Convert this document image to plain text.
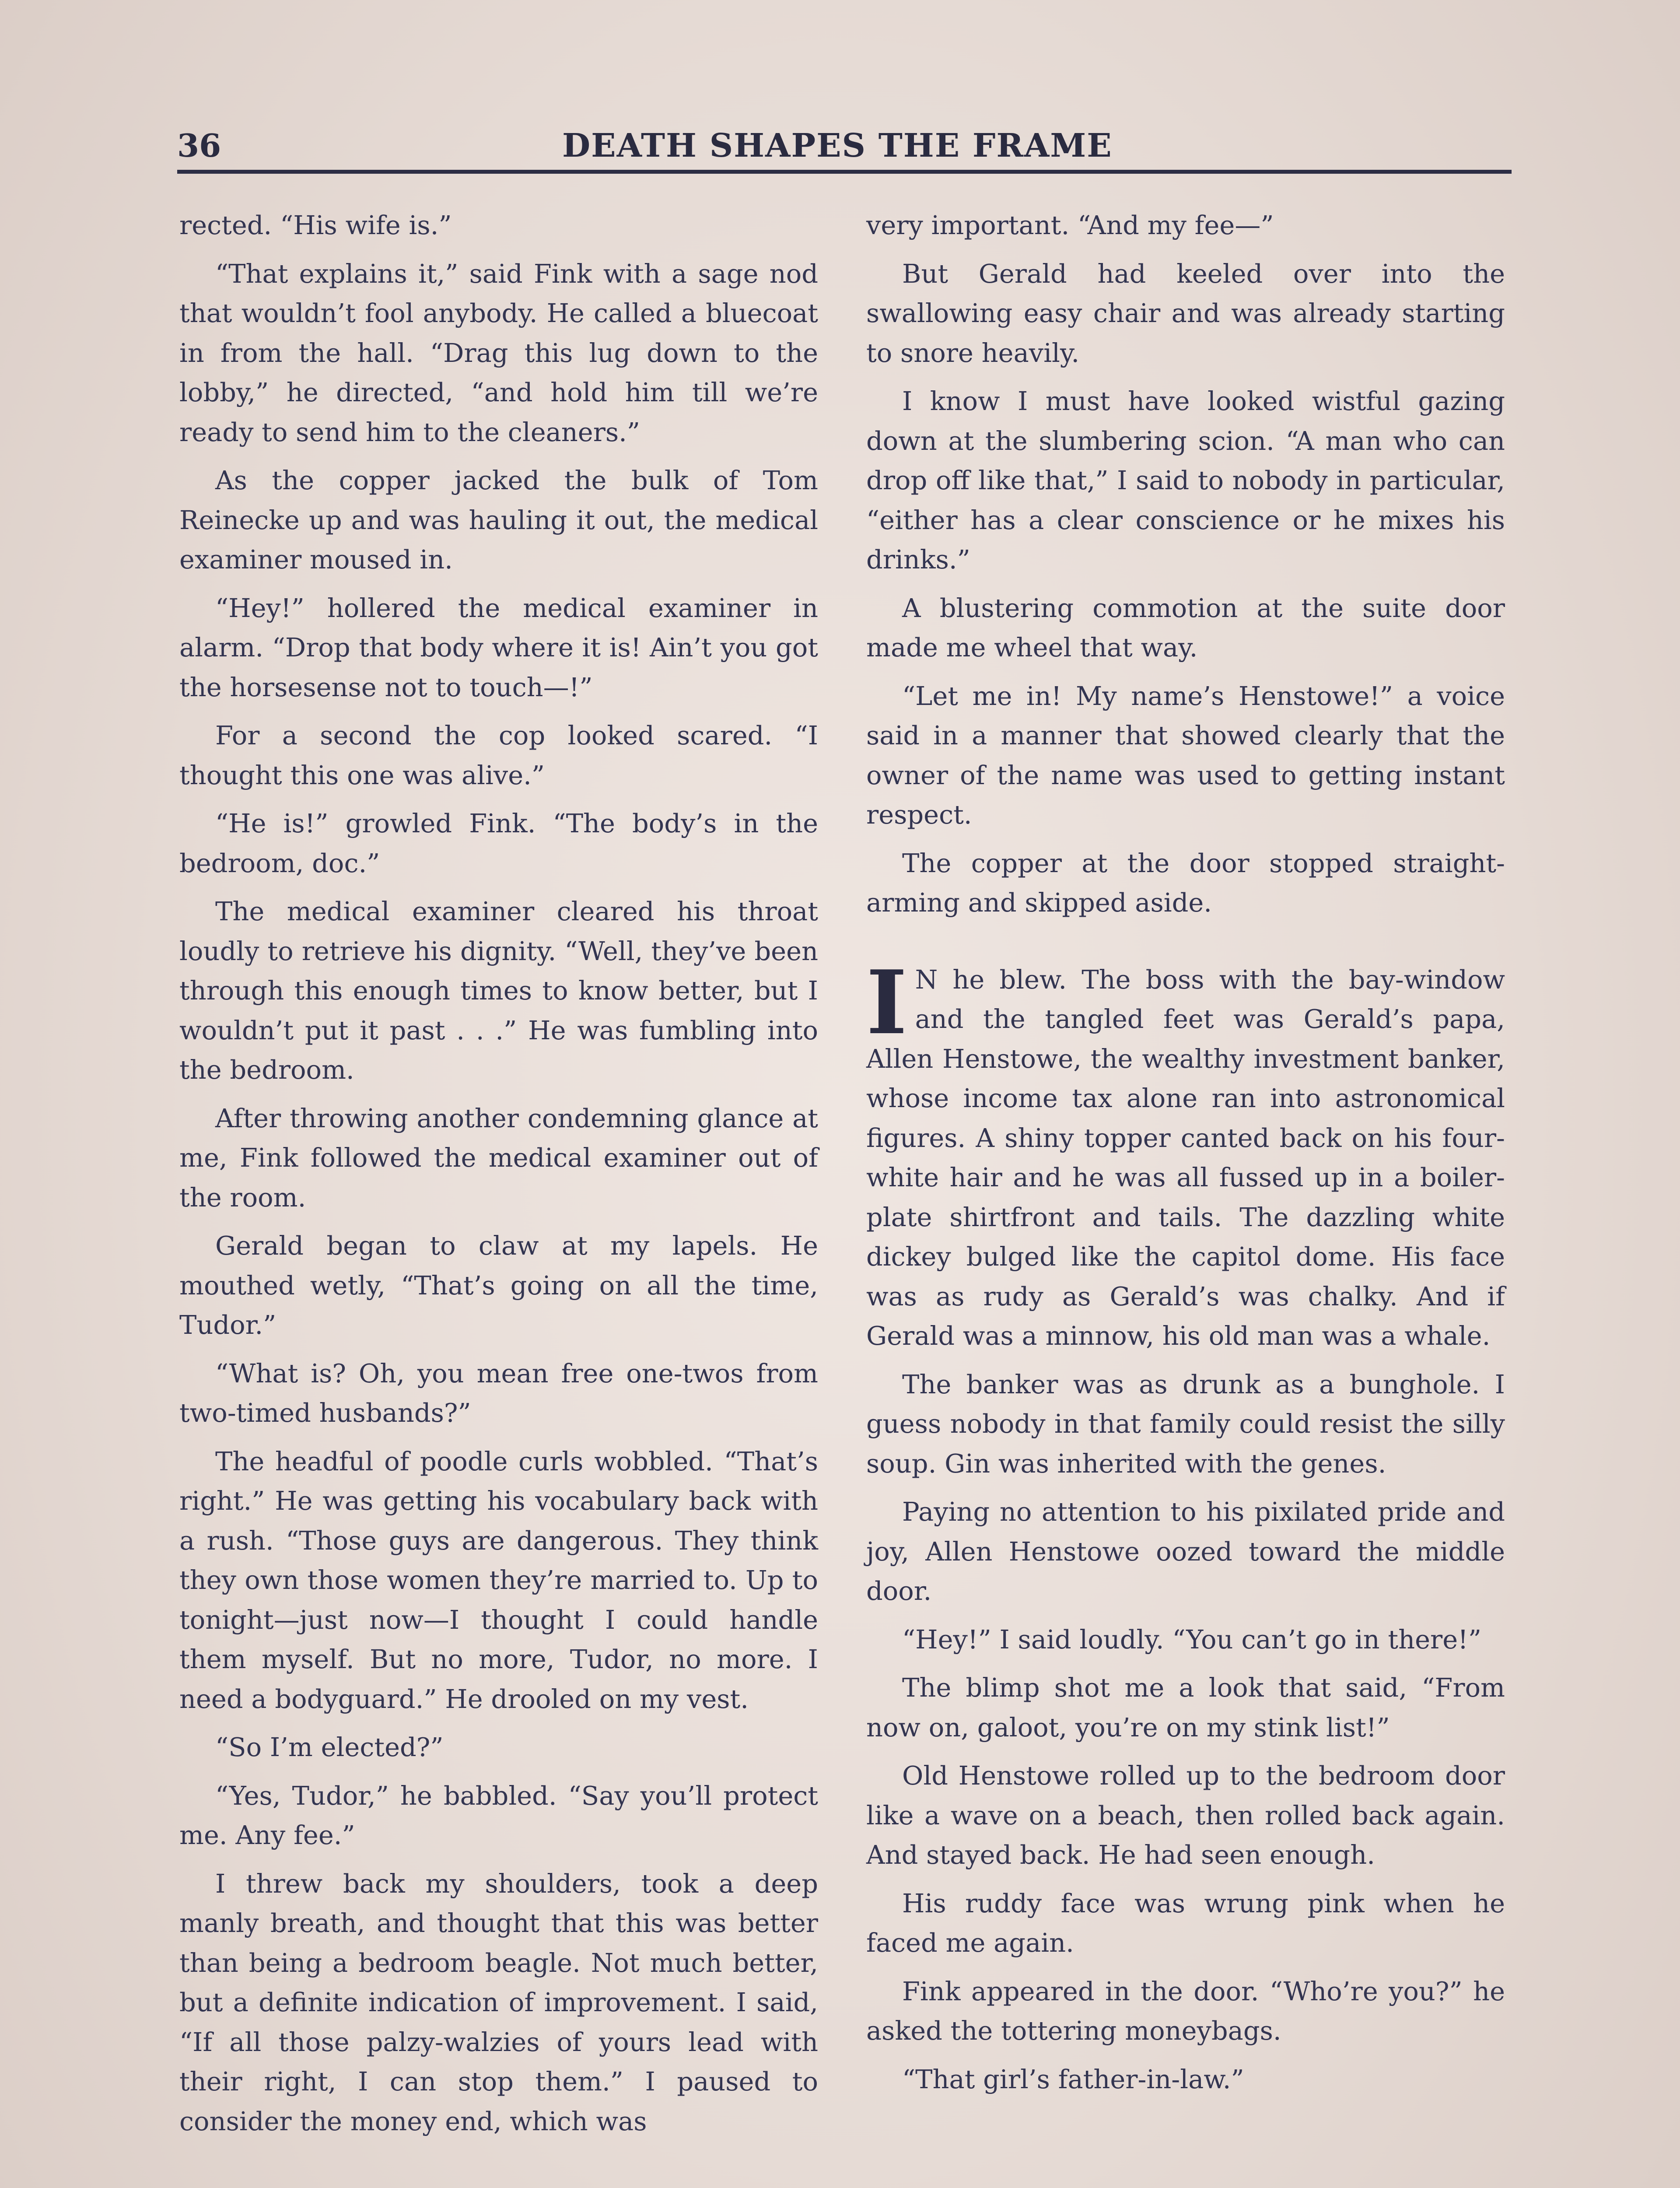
36	DEATH SHAPES THE FRAME

rected. “His wife is.”

“That explains it,” said Fink with a sage nod that wouldn’t fool anybody. He called a bluecoat in from the hall. “Drag this lug down to the lobby,” he directed, “and hold him till we’re ready to send him to the cleaners.”

As the copper jacked the bulk of Tom Reinecke up and was hauling it out, the medical examiner moused in.

“Hey!” hollered the medical examiner in alarm. “Drop that body where it is! Ain’t you got the horsesense not to touch—!”

For a second the cop looked scared. “I thought this one was alive.”

“He is!” growled Fink. “The body’s in the bedroom, doc.”

The medical examiner cleared his throat loudly to retrieve his dignity. “Well, they’ve been through this enough times to know better, but I wouldn’t put it past . . .” He was fumbling into the bedroom.

After throwing another condemning glance at me, Fink followed the medical examiner out of the room.

Gerald began to claw at my lapels. He mouthed wetly, “That’s going on all the time, Tudor.”

“What is? Oh, you mean free one-twos from two-timed husbands?”

The headful of poodle curls wobbled. “That’s right.” He was getting his vocabulary back with a rush. “Those guys are dangerous. They think they own those women they’re married to. Up to tonight—just now—I thought I could handle them myself. But no more, Tudor, no more. I need a bodyguard.” He drooled on my vest.

“So I’m elected?”

“Yes, Tudor,” he babbled. “Say you’ll protect me. Any fee.”

I threw back my shoulders, took a deep manly breath, and thought that this was better than being a bedroom beagle. Not much better, but a definite indication of improvement. I said, “If all those palzy-walzies of yours lead with their right, I can stop them.” I paused to consider the money end, which was

very important. “And my fee—”

But Gerald had keeled over into the swallowing easy chair and was already starting to snore heavily.

I know I must have looked wistful gazing down at the slumbering scion. “A man who can drop off like that,” I said to nobody in particular, “either has a clear conscience or he mixes his drinks.”

A blustering commotion at the suite door made me wheel that way.

“Let me in! My name’s Henstowe!” a voice said in a manner that showed clearly that the owner of the name was used to getting instant respect.

The copper at the door stopped straight-arming and skipped aside.

I N he blew. The boss with the bay-window and the tangled feet was Gerald’s papa, Allen Henstowe, the wealthy investment banker, whose income tax alone ran into astronomical figures. A shiny topper canted back on his four-white hair and he was all fussed up in a boiler-plate shirtfront and tails. The dazzling white dickey bulged like the capitol dome. His face was as rudy as Gerald’s was chalky. And if Gerald was a minnow, his old man was a whale.

The banker was as drunk as a bunghole. I guess nobody in that family could resist the silly soup. Gin was inherited with the genes.

Paying no attention to his pixilated pride and joy, Allen Henstowe oozed toward the middle door.

“Hey!” I said loudly. “You can’t go in there!”

The blimp shot me a look that said, “From now on, galoot, you’re on my stink list!”

Old Henstowe rolled up to the bedroom door like a wave on a beach, then rolled back again. And stayed back. He had seen enough.

His ruddy face was wrung pink when he faced me again.

Fink appeared in the door. “Who’re you?” he asked the tottering moneybags.

“That girl’s father-in-law.”
